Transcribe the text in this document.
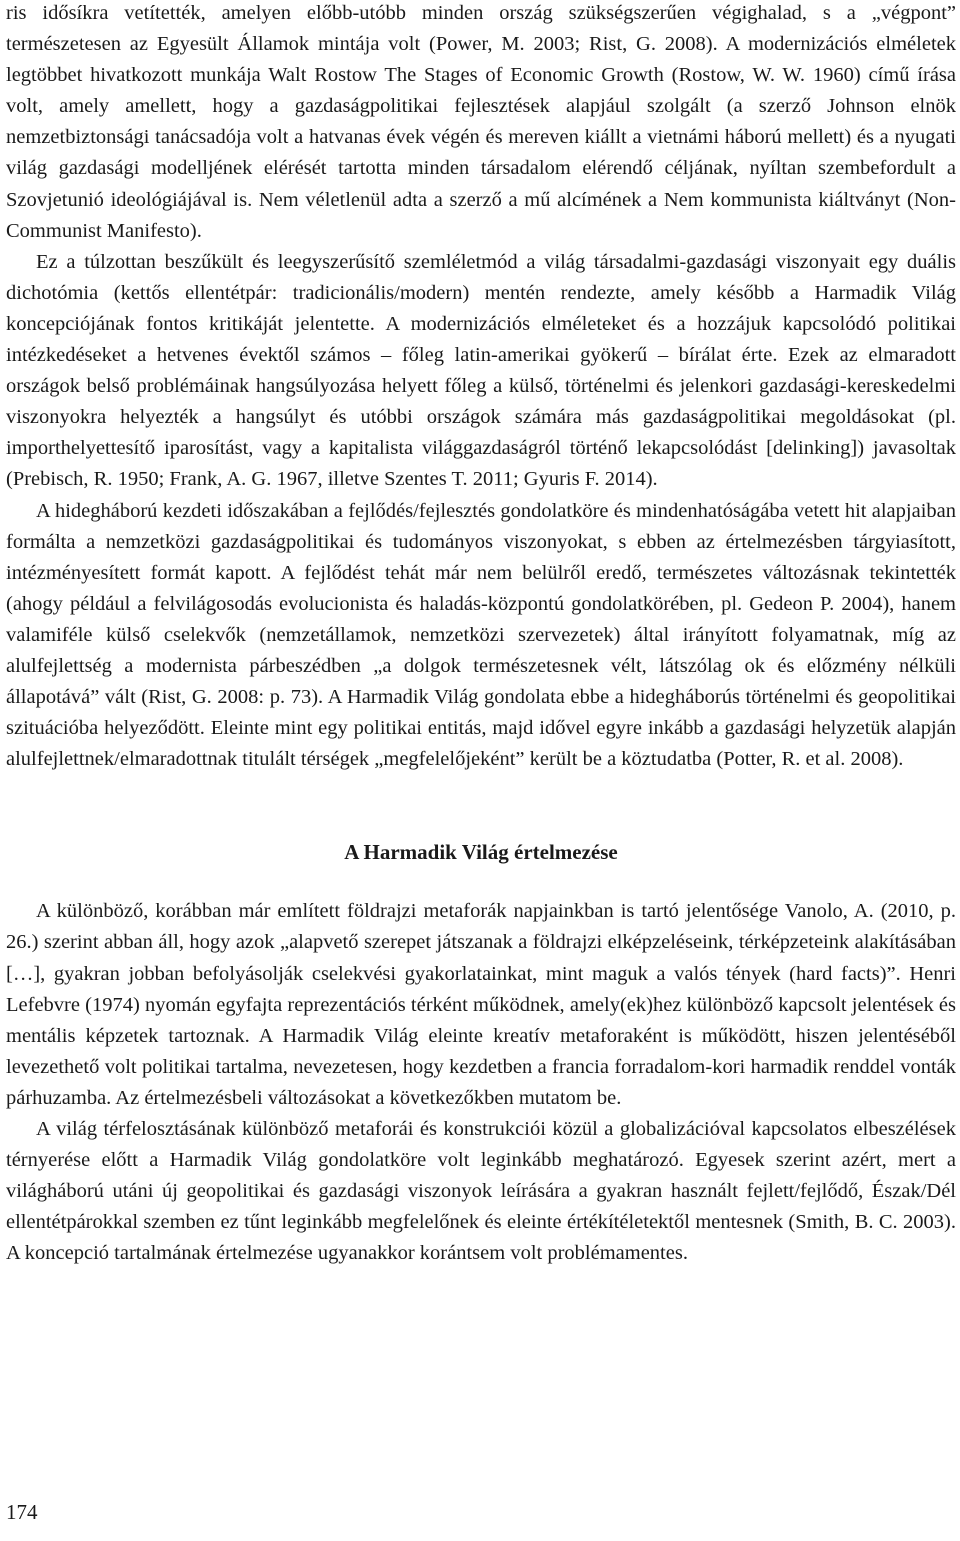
ris idősíkra vetítették, amelyen előbb-utóbb minden ország szükségszerűen végighalad, s a „végpont” természetesen az Egyesült Államok mintája volt (Power, M. 2003; Rist, G. 2008). A modernizációs elméletek legtöbbet hivatkozott munkája Walt Rostow The Stages of Economic Growth (Rostow, W. W. 1960) című írása volt, amely amellett, hogy a gazdaságpolitikai fejlesztések alapjául szolgált (a szerző Johnson elnök nemzetbiztonsági tanácsadója volt a hatvanas évek végén és mereven kiállt a vietnámi háború mellett) és a nyugati világ gazdasági modelljének elérését tartotta minden társadalom elérendő céljának, nyíltan szembefordult a Szovjetunió ideológiájával is. Nem véletlenül adta a szerző a mű alcímének a Nem kommunista kiáltványt (Non-Communist Manifesto).

Ez a túlzottan beszűkült és leegyszerűsítő szemléletmód a világ társadalmi-gazdasági viszonyait egy duális dichotómia (kettős ellentétpár: tradicionális/modern) mentén rendezte, amely később a Harmadik Világ koncepciójának fontos kritikáját jelentette. A modernizációs elméleteket és a hozzájuk kapcsolódó politikai intézkedéseket a hetvenes évektől számos – főleg latin-amerikai gyökerű – bírálat érte. Ezek az elmaradott országok belső problémáinak hangsúlyozása helyett főleg a külső, történelmi és jelenkori gazdasági-kereskedelmi viszonyokra helyezték a hangsúlyt és utóbbi országok számára más gazdaságpolitikai megoldásokat (pl. importhelyettesítő iparosítást, vagy a kapitalista világgazdaságról történő lekapcsolódást [delinking]) javasoltak (Prebisch, R. 1950; Frank, A. G. 1967, illetve Szentes T. 2011; Gyuris F. 2014).

A hidegháború kezdeti időszakában a fejlődés/fejlesztés gondolatköre és mindenhatóságába vetett hit alapjaiban formálta a nemzetközi gazdaságpolitikai és tudományos viszonyokat, s ebben az értelmezésben tárgyiasított, intézményesített formát kapott. A fejlődést tehát már nem belülről eredő, természetes változásnak tekintették (ahogy például a felvilágosodás evolucionista és haladás-központú gondolatkörében, pl. Gedeon P. 2004), hanem valamiféle külső cselekvők (nemzetállamok, nemzetközi szervezetek) által irányított folyamatnak, míg az alulfejlettség a modernista párbeszédben „a dolgok természetesnek vélt, látszólag ok és előzmény nélküli állapotává” vált (Rist, G. 2008: p. 73). A Harmadik Világ gondolata ebbe a hidegháborús történelmi és geopolitikai szituációba helyeződött. Eleinte mint egy politikai entitás, majd idővel egyre inkább a gazdasági helyzetük alapján alulfejlettnek/elmaradottnak titulált térségek „megfelelőjeként” került be a köztudatba (Potter, R. et al. 2008).

A Harmadik Világ értelmezése

A különböző, korábban már említett földrajzi metaforák napjainkban is tartó jelentősége Vanolo, A. (2010, p. 26.) szerint abban áll, hogy azok „alapvető szerepet játszanak a földrajzi elképzeléseink, térképzeteink alakításában […], gyakran jobban befolyásolják cselekvési gyakorlatainkat, mint maguk a valós tények (hard facts)”. Henri Lefebvre (1974) nyomán egyfajta reprezentációs térként működnek, amely(ek)hez különböző kapcsolt jelentések és mentális képzetek tartoznak. A Harmadik Világ eleinte kreatív metaforaként is működött, hiszen jelentéséből levezethető volt politikai tartalma, nevezetesen, hogy kezdetben a francia forradalom-kori harmadik renddel vonták párhuzamba. Az értelmezésbeli változásokat a következőkben mutatom be.

A világ térfelosztásának különböző metaforái és konstrukciói közül a globalizációval kapcsolatos elbeszélések térnyerése előtt a Harmadik Világ gondolatköre volt leginkább meghatározó. Egyesek szerint azért, mert a világháború utáni új geopolitikai és gazdasági viszonyok leírására a gyakran használt fejlett/fejlődő, Észak/Dél ellentétpárokkal szemben ez tűnt leginkább megfelelőnek és eleinte értékítéletektől mentesnek (Smith, B. C. 2003). A koncepció tartalmának értelmezése ugyanakkor korántsem volt problémamentes.

174
